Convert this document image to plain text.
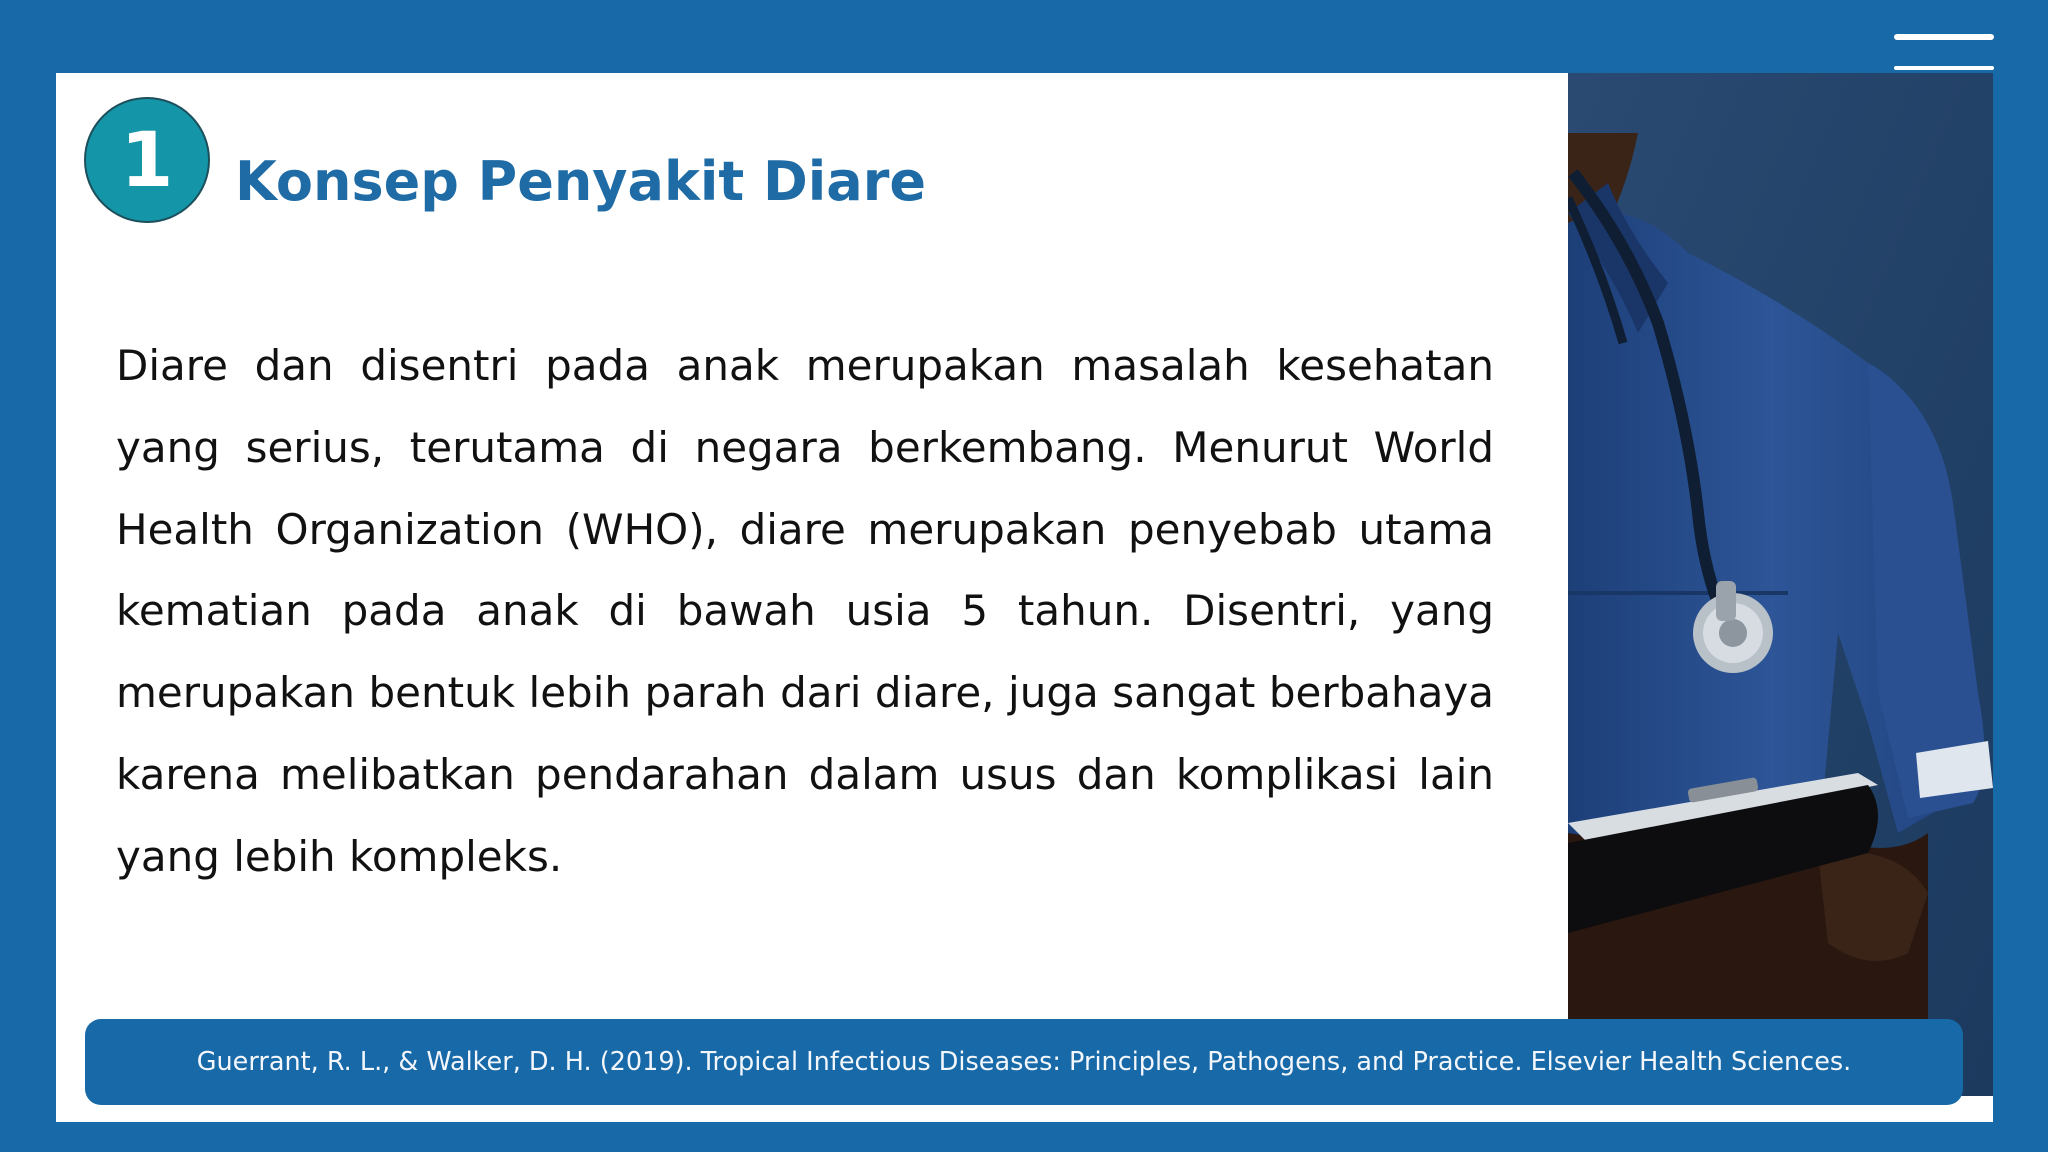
1	Konsep Penyakit Diare

Diare dan disentri pada anak merupakan masalah kesehatan yang serius, terutama di negara berkembang. Menurut World Health Organization (WHO), diare merupakan penyebab utama kematian pada anak di bawah usia 5 tahun. Disentri, yang merupakan bentuk lebih parah dari diare, juga sangat berbahaya karena melibatkan pendarahan dalam usus dan komplikasi lain yang lebih kompleks.

Guerrant, R. L., & Walker, D. H. (2019). Tropical Infectious Diseases: Principles, Pathogens, and Practice. Elsevier Health Sciences.
